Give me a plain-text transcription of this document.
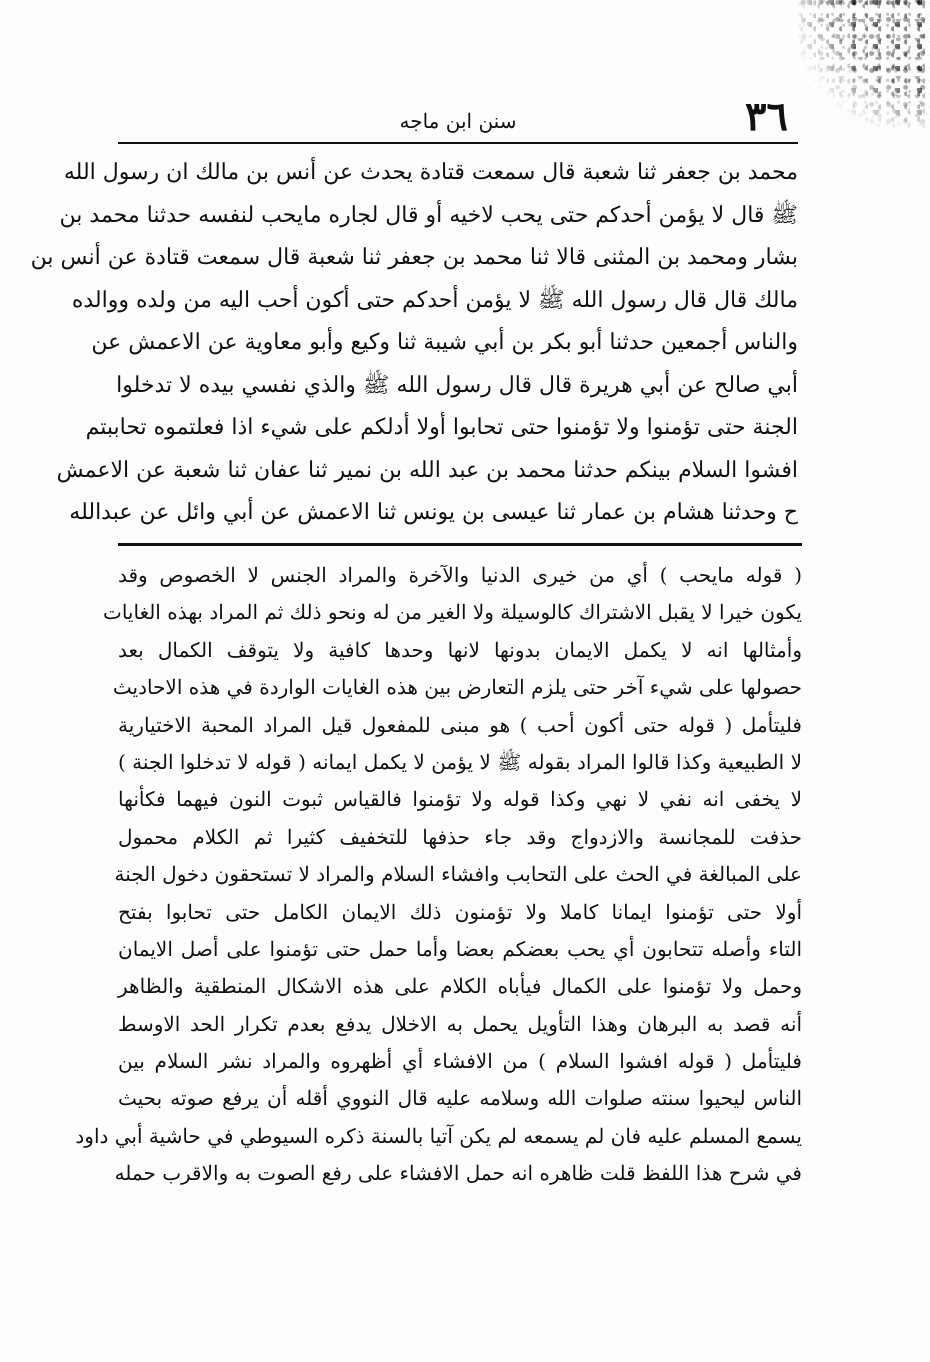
٣٦
سنن ابن ماجه
محمد بن جعفر ثنا شعبة قال سمعت قتادة يحدث عن أنس بن مالك ان رسول الله
ﷺ قال لا يؤمن أحدكم حتى يحب لاخيه أو قال لجاره مايحب لنفسه حدثنا محمد بن
بشار ومحمد بن المثنى قالا ثنا محمد بن جعفر ثنا شعبة قال سمعت قتادة عن أنس بن
مالك قال قال رسول الله ﷺ لا يؤمن أحدكم حتى أكون أحب اليه من ولده ووالده
والناس أجمعين حدثنا أبو بكر بن أبي شيبة ثنا وكيع وأبو معاوية عن الاعمش عن
أبي صالح عن أبي هريرة قال قال رسول الله ﷺ والذي نفسي بيده لا تدخلوا
الجنة حتى تؤمنوا ولا تؤمنوا حتى تحابوا أولا أدلكم على شيء اذا فعلتموه تحاببتم
افشوا السلام بينكم حدثنا محمد بن عبد الله بن نمير ثنا عفان ثنا شعبة عن الاعمش
ح وحدثنا هشام بن عمار ثنا عيسى بن يونس ثنا الاعمش عن أبي وائل عن عبدالله
( قوله مايحب ) أي من خيرى الدنيا والآخرة والمراد الجنس لا الخصوص وقد
يكون خيرا لا يقبل الاشتراك كالوسيلة ولا الغير من له ونحو ذلك ثم المراد بهذه الغايات
وأمثالها انه لا يكمل الايمان بدونها لانها وحدها كافية ولا يتوقف الكمال بعد
حصولها على شيء آخر حتى يلزم التعارض بين هذه الغايات الواردة في هذه الاحاديث
فليتأمل ( قوله حتى أكون أحب ) هو مبنى للمفعول قيل المراد المحبة الاختيارية
لا الطبيعية وكذا قالوا المراد بقوله ﷺ لا يؤمن لا يكمل ايمانه ( قوله لا تدخلوا الجنة )
لا يخفى انه نفي لا نهي وكذا قوله ولا تؤمنوا فالقياس ثبوت النون فيهما فكأنها
حذفت للمجانسة والازدواج وقد جاء حذفها للتخفيف كثيرا ثم الكلام محمول
على المبالغة في الحث على التحابب وافشاء السلام والمراد لا تستحقون دخول الجنة
أولا حتى تؤمنوا ايمانا كاملا ولا تؤمنون ذلك الايمان الكامل حتى تحابوا بفتح
التاء وأصله تتحابون أي يحب بعضكم بعضا وأما حمل حتى تؤمنوا على أصل الايمان
وحمل ولا تؤمنوا على الكمال فيأباه الكلام على هذه الاشكال المنطقية والظاهر
أنه قصد به البرهان وهذا التأويل يحمل به الاخلال يدفع بعدم تكرار الحد الاوسط
فليتأمل ( قوله افشوا السلام ) من الافشاء أي أظهروه والمراد نشر السلام بين
الناس ليحيوا سنته صلوات الله وسلامه عليه قال النووي أقله أن يرفع صوته بحيث
يسمع المسلم عليه فان لم يسمعه لم يكن آتيا بالسنة ذكره السيوطي في حاشية أبي داود
في شرح هذا اللفظ قلت ظاهره انه حمل الافشاء على رفع الصوت به والاقرب حمله
